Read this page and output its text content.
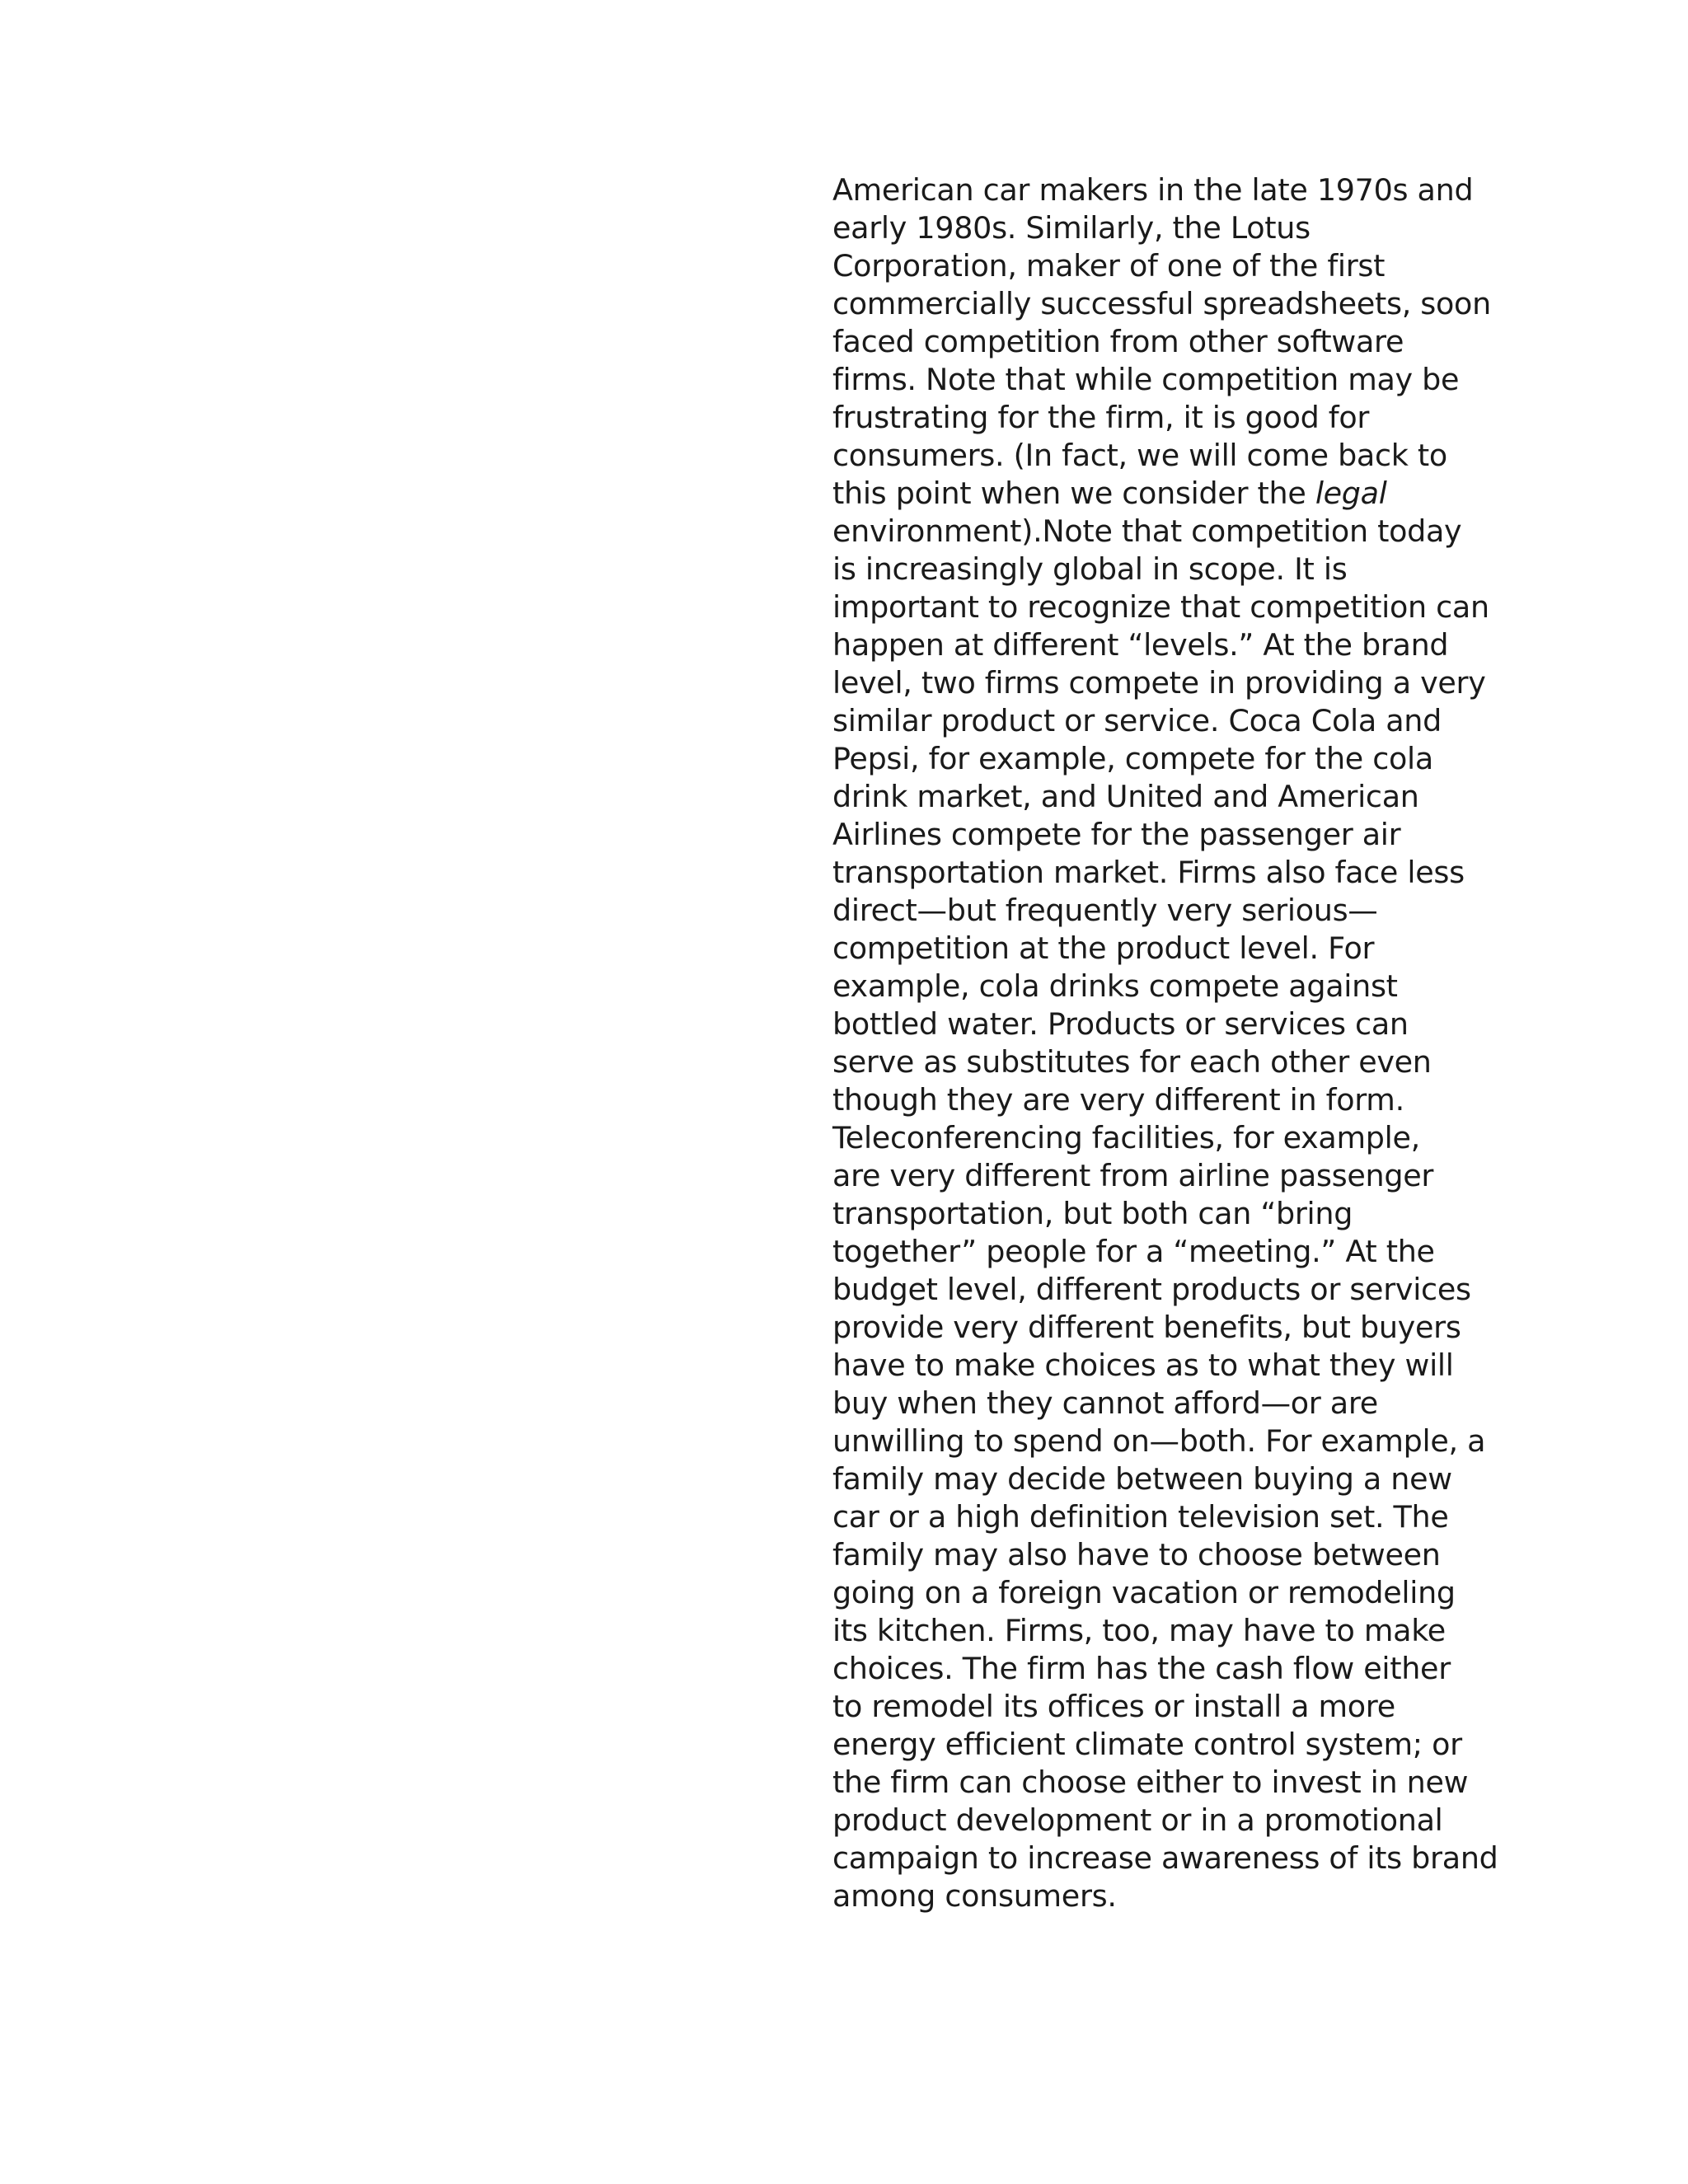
American car makers in the late 1970s and
early 1980s. Similarly, the Lotus
Corporation, maker of one of the first
commercially successful spreadsheets, soon
faced competition from other software
firms. Note that while competition may be
frustrating for the firm, it is good for
consumers. (In fact, we will come back to
this point when we consider the legal
environment).Note that competition today
is increasingly global in scope. It is
important to recognize that competition can
happen at different “levels.” At the brand
level, two firms compete in providing a very
similar product or service. Coca Cola and
Pepsi, for example, compete for the cola
drink market, and United and American
Airlines compete for the passenger air
transportation market. Firms also face less
direct—but frequently very serious—
competition at the product level. For
example, cola drinks compete against
bottled water. Products or services can
serve as substitutes for each other even
though they are very different in form.
Teleconferencing facilities, for example,
are very different from airline passenger
transportation, but both can “bring
together” people for a “meeting.” At the
budget level, different products or services
provide very different benefits, but buyers
have to make choices as to what they will
buy when they cannot afford—or are
unwilling to spend on—both. For example, a
family may decide between buying a new
car or a high definition television set. The
family may also have to choose between
going on a foreign vacation or remodeling
its kitchen. Firms, too, may have to make
choices. The firm has the cash flow either
to remodel its offices or install a more
energy efficient climate control system; or
the firm can choose either to invest in new
product development or in a promotional
campaign to increase awareness of its brand
among consumers.
